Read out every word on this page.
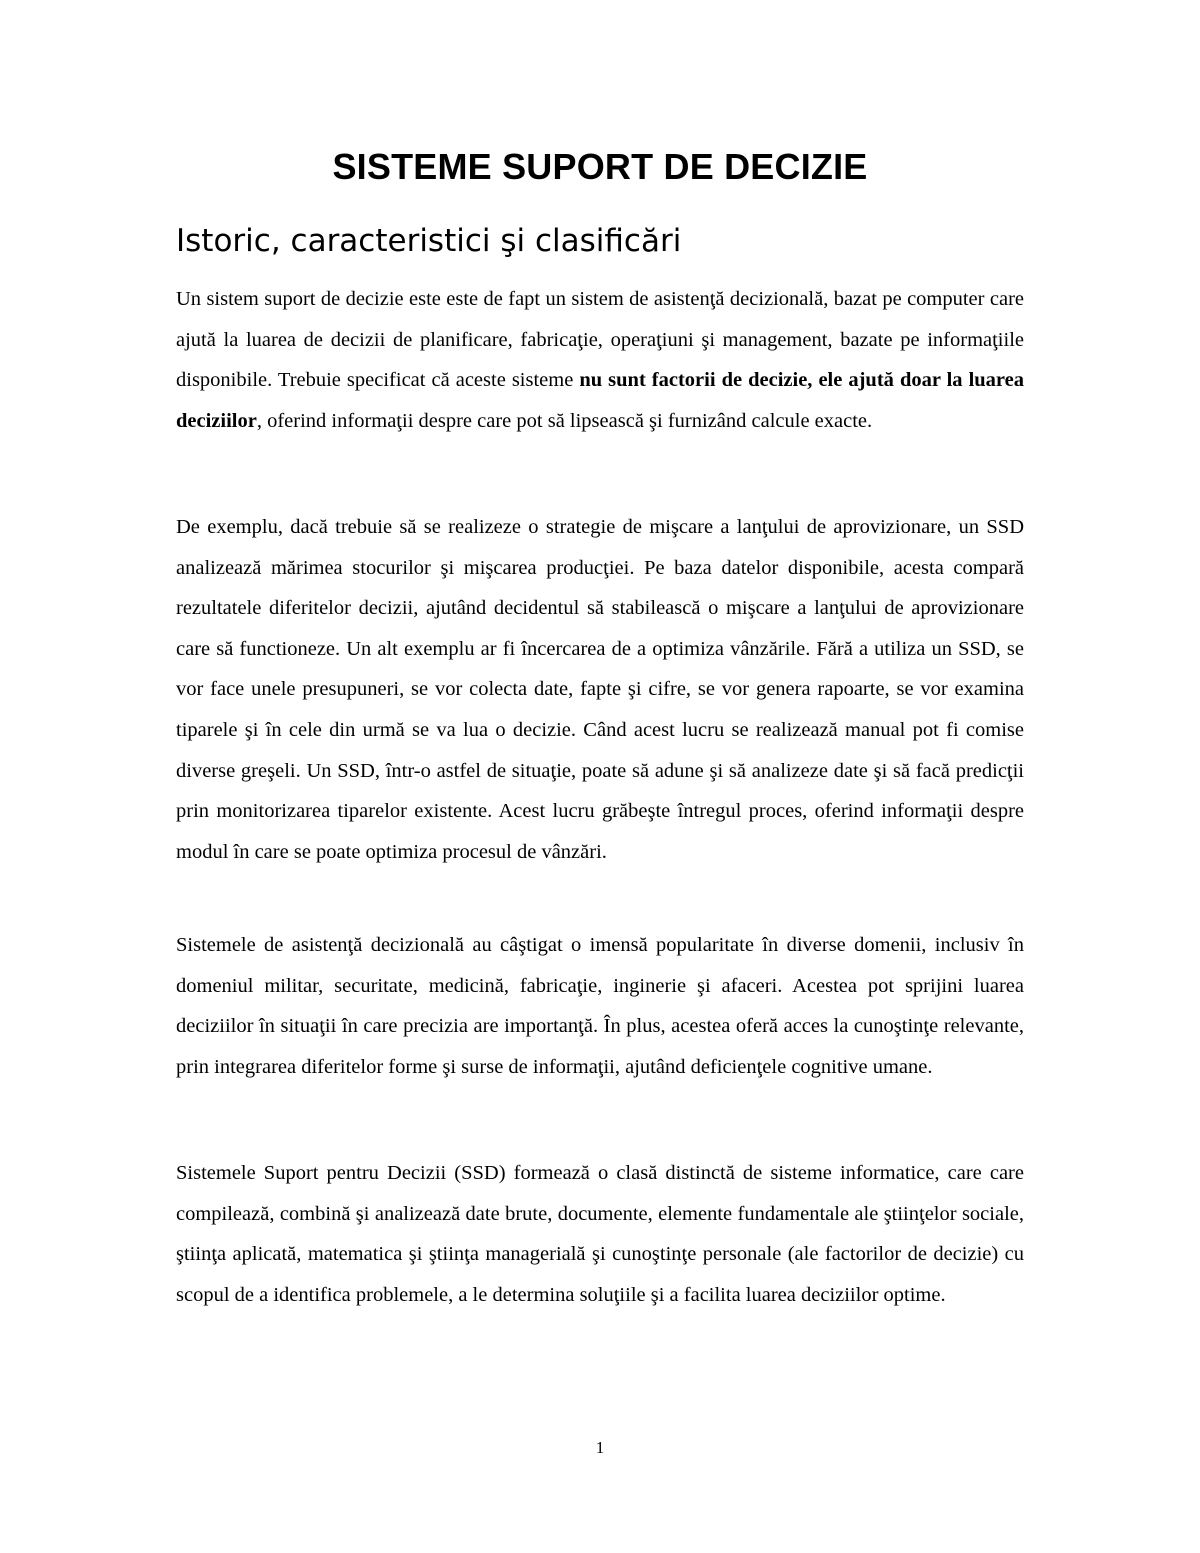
SISTEME SUPORT DE DECIZIE
Istoric, caracteristici şi clasificări

Un sistem suport de decizie este este de fapt un sistem de asistenţă decizională, bazat pe computer care ajută la luarea de decizii de planificare, fabricaţie, operaţiuni şi management, bazate pe informaţiile disponibile. Trebuie specificat că aceste sisteme nu sunt factorii de decizie, ele ajută doar la luarea deciziilor, oferind informaţii despre care pot să lipsească şi furnizând calcule exacte.

De exemplu, dacă trebuie să se realizeze o strategie de mişcare a lanţului de aprovizionare, un SSD analizează mărimea stocurilor şi mişcarea producţiei. Pe baza datelor disponibile, acesta compară rezultatele diferitelor decizii, ajutând decidentul să stabilească o mişcare a lanţului de aprovizionare care să functioneze. Un alt exemplu ar fi încercarea de a optimiza vânzările. Fără a utiliza un SSD, se vor face unele presupuneri, se vor colecta date, fapte şi cifre, se vor genera rapoarte, se vor examina tiparele şi în cele din urmă se va lua o decizie. Când acest lucru se realizează manual pot fi comise diverse greşeli. Un SSD, într-o astfel de situaţie, poate să adune şi să analizeze date şi să facă predicţii prin monitorizarea tiparelor existente. Acest lucru grăbeşte întregul proces, oferind informaţii despre modul în care se poate optimiza procesul de vânzări.

Sistemele de asistenţă decizională au câştigat o imensă popularitate în diverse domenii, inclusiv în domeniul militar, securitate, medicină, fabricaţie, inginerie şi afaceri. Acestea pot sprijini luarea deciziilor în situaţii în care precizia are importanţă. În plus, acestea oferă acces la cunoştinţe relevante, prin integrarea diferitelor forme şi surse de informaţii, ajutând deficienţele cognitive umane.

Sistemele Suport pentru Decizii (SSD) formează o clasă distinctă de sisteme informatice, care care compilează, combină şi analizează date brute, documente, elemente fundamentale ale ştiinţelor sociale, ştiinţa aplicată, matematica şi ştiinţa managerială şi cunoştinţe personale (ale factorilor de decizie) cu scopul de a identifica problemele, a le determina soluţiile şi a facilita luarea deciziilor optime.

1
